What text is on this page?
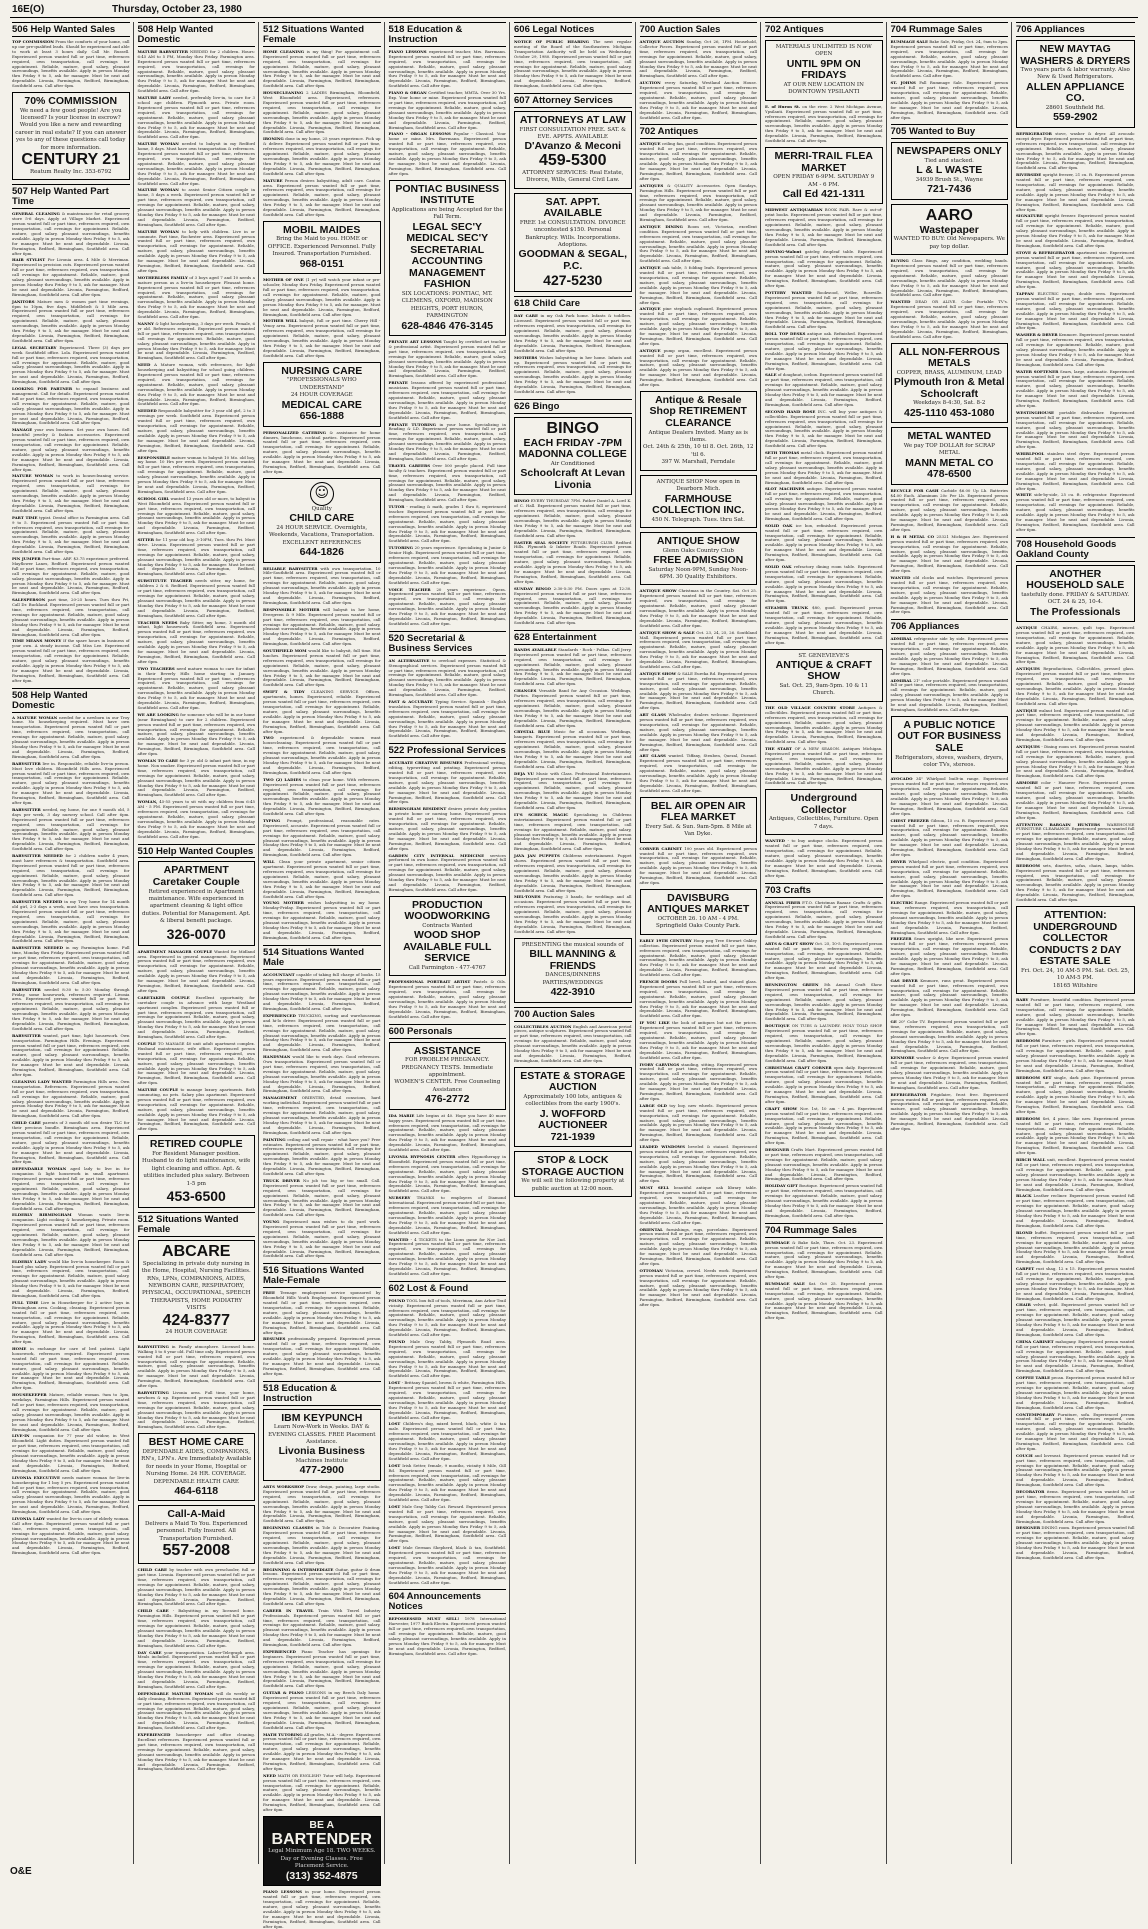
16E(O)	Thursday, October 23, 1980
506 Help Wanted Sales
TOP COMMISSION From the comforts of your home, call up our pre-qualified leads. Should be experienced and able to work at least 3 hours daily. Call Mr. Russell. Experienced person wanted full or part time, references required, own transportation, call evenings for appointment. Reliable, mature, good salary, pleasant surroundings, benefits available. Apply in person Monday thru Friday 9 to 5, ask for manager. Must be neat and dependable. Livonia, Farmington, Redford, Birmingham, Southfield area. Call after 6pm.
70% COMMISSION
We need a few good people! Are you licensed? Is your license in escrow? Would you like a new and rewarding career in real estate? If you can answer yes to any of these questions call today for more information.
CENTURY 21
Reatum Realty Inc. 353-6792
507 Help Wanted Part Time
GENERAL CLEANING & maintenance for retail grocery store 5-6 days. Apply at Village Market. Experienced person wanted full or part time, references required, own transportation, call evenings for appointment. Reliable, mature, good salary, pleasant surroundings, benefits available. Apply in person Monday thru Friday 9 to 5, ask for manager. Must be neat and dependable. Livonia, Farmington, Redford, Birmingham, Southfield area. Call after 6pm.
HAIR STYLIST For Livonia area. 4 Mile & Merriman. Experienced in precision cuts. Experienced person wanted full or part time, references required, own transportation, call evenings for appointment. Reliable, mature, good salary, pleasant surroundings, benefits available. Apply in person Monday thru Friday 9 to 5, ask for manager. Must be neat and dependable. Livonia, Farmington, Redford, Birmingham, Southfield area. Call after 6pm.
JANITORS Mature men & women part time evenings, 6pm to 10pm, five days. Middlebelt & 5 Mile area. Experienced person wanted full or part time, references required, own transportation, call evenings for appointment. Reliable, mature, good salary, pleasant surroundings, benefits available. Apply in person Monday thru Friday 9 to 5, ask for manager. Must be neat and dependable. Livonia, Farmington, Redford, Birmingham, Southfield area. Call after 6pm.
LEGAL SECRETARY Experienced. Three (3) days per week. Southfield office. Lola. Experienced person wanted full or part time, references required, own transportation, call evenings for appointment. Reliable, mature, good salary, pleasant surroundings, benefits available. Apply in person Monday thru Friday 9 to 5, ask for manager. Must be neat and dependable. Livonia, Farmington, Redford, Birmingham, Southfield area. Call after 6pm.
LOOKING FOR PARTNER to expand business and management. Call for details. Experienced person wanted full or part time, references required, own transportation, call evenings for appointment. Reliable, mature, good salary, pleasant surroundings, benefits available. Apply in person Monday thru Friday 9 to 5, ask for manager. Must be neat and dependable. Livonia, Farmington, Redford, Birmingham, Southfield area. Call after 6pm.
MANAGE your own business. Set your own hours. Sell beautiful jewelry & fashion accessories. Experienced person wanted full or part time, references required, own transportation, call evenings for appointment. Reliable, mature, good salary, pleasant surroundings, benefits available. Apply in person Monday thru Friday 9 to 5, ask for manager. Must be neat and dependable. Livonia, Farmington, Redford, Birmingham, Southfield area. Call after 6pm.
MATURE WOMAN to work in housecleaning service. Experienced person wanted full or part time, references required, own transportation, call evenings for appointment. Reliable, mature, good salary, pleasant surroundings, benefits available. Apply in person Monday thru Friday 9 to 5, ask for manager. Must be neat and dependable. Livonia, Farmington, Redford, Birmingham, Southfield area. Call after 6pm.
PART TIME typist. Dental office in Farmington area. Call 9 to 5. Experienced person wanted full or part time, references required, own transportation, call evenings for appointment. Reliable, mature, good salary, pleasant surroundings, benefits available. Apply in person Monday thru Friday 9 to 5, ask for manager. Must be neat and dependable. Livonia, Farmington, Redford, Birmingham, Southfield area. Call after 6pm.
PIN JUMPER Part-time. ABF. $3.75 experience preferred. Mayflower Lanes, Redford. Experienced person wanted full or part time, references required, own transportation, call evenings for appointment. Reliable, mature, good salary, pleasant surroundings, benefits available. Apply in person Monday thru Friday 9 to 5, ask for manager. Must be neat and dependable. Livonia, Farmington, Redford, Birmingham, Southfield area. Call after 6pm.
SALESPERSON part time, 20-25 hours. Tues thru Fri, Call Dr. Buckland. Experienced person wanted full or part time, references required, own transportation, call evenings for appointment. Reliable, mature, good salary, pleasant surroundings, benefits available. Apply in person Monday thru Friday 9 to 5, ask for manager. Must be neat and dependable. Livonia, Farmington, Redford, Birmingham, Southfield area. Call after 6pm.
TIME MEANS MONEY If the spare hours in business of your own. A steady income. Call Miss Lee. Experienced person wanted full or part time, references required, own transportation, call evenings for appointment. Reliable, mature, good salary, pleasant surroundings, benefits available. Apply in person Monday thru Friday 9 to 5, ask for manager. Must be neat and dependable. Livonia, Farmington, Redford, Birmingham, Southfield area. Call after 6pm.
508 Help Wanted Domestic
A MATURE WOMAN needed for a newborn in our Troy home. No housekeeping required. Must have own transportation. Experienced person wanted full or part time, references required, own transportation, call evenings for appointment. Reliable, mature, good salary, pleasant surroundings, benefits available. Apply in person Monday thru Friday 9 to 5, ask for manager. Must be neat and dependable. Livonia, Farmington, Redford, Birmingham, Southfield area. Call after 6pm.
BABYSITTER live in. Responsible, reliable live-in person. Must love children. Bloomfield Hills area. Experienced person wanted full or part time, references required, own transportation, call evenings for appointment. Reliable, mature, good salary, pleasant surroundings, benefits available. Apply in person Monday thru Friday 9 to 5, ask for manager. Must be neat and dependable. Livonia, Farmington, Redford, Birmingham, Southfield area. Call after 6pm.
BABYSITTER needed, my home, for one 9 month old, 5 days per week, 3 day nursery school. Call after 6pm. Experienced person wanted full or part time, references required, own transportation, call evenings for appointment. Reliable, mature, good salary, pleasant surroundings, benefits available. Apply in person Monday thru Friday 9 to 5, ask for manager. Must be neat and dependable. Livonia, Farmington, Redford, Birmingham, Southfield area. Call after 6pm.
BABYSITTER NEEDED for 2 children under 4 years, must have references & transportation. Southfield area. Experienced person wanted full or part time, references required, own transportation, call evenings for appointment. Reliable, mature, good salary, pleasant surroundings, benefits available. Apply in person Monday thru Friday 9 to 5, ask for manager. Must be neat and dependable. Livonia, Farmington, Redford, Birmingham, Southfield area. Call after 6pm.
BABYSITTER NEEDED in my Troy home for 14 month old girl, 2-3 days a week, must have own transportation. Experienced person wanted full or part time, references required, own transportation, call evenings for appointment. Reliable, mature, good salary, pleasant surroundings, benefits available. Apply in person Monday thru Friday 9 to 5, ask for manager. Must be neat and dependable. Livonia, Farmington, Redford, Birmingham, Southfield area. Call after 6pm.
BABYSITTER NEEDED in my Farmington home. Full time, Monday thru Friday. Experienced person wanted full or part time, references required, own transportation, call evenings for appointment. Reliable, mature, good salary, pleasant surroundings, benefits available. Apply in person Monday thru Friday 9 to 5, ask for manager. Must be neat and dependable. Livonia, Farmington, Redford, Birmingham, Southfield area. Call after 6pm.
BABYSITTER needed 8:30 to 5:30 Monday through Friday, some housework, references required. Livonia area. Experienced person wanted full or part time, references required, own transportation, call evenings for appointment. Reliable, mature, good salary, pleasant surroundings, benefits available. Apply in person Monday thru Friday 9 to 5, ask for manager. Must be neat and dependable. Livonia, Farmington, Redford, Birmingham, Southfield area. Call after 6pm.
BABYSITTER wanted, part time, light housework. Own transportation. Farmington Hills. Evenings. Experienced person wanted full or part time, references required, own transportation, call evenings for appointment. Reliable, mature, good salary, pleasant surroundings, benefits available. Apply in person Monday thru Friday 9 to 5, ask for manager. Must be neat and dependable. Livonia, Farmington, Redford, Birmingham, Southfield area. Call after 6pm.
CLEANING LADY WANTED Farmington Hills area. Own transportation. References. Experienced person wanted full or part time, references required, own transportation, call evenings for appointment. Reliable, mature, good salary, pleasant surroundings, benefits available. Apply in person Monday thru Friday 9 to 5, ask for manager. Must be neat and dependable. Livonia, Farmington, Redford, Birmingham, Southfield area. Call after 6pm.
CHILD CARE parents of 3 month old son desire TLC for their precious bundle. Birmingham area. Experienced person wanted full or part time, references required, own transportation, call evenings for appointment. Reliable, mature, good salary, pleasant surroundings, benefits available. Apply in person Monday thru Friday 9 to 5, ask for manager. Must be neat and dependable. Livonia, Farmington, Redford, Birmingham, Southfield area. Call after 6pm.
DEPENDABLE WOMAN aged lady to live in for companion & light housework in small apartment. Experienced person wanted full or part time, references required, own transportation, call evenings for appointment. Reliable, mature, good salary, pleasant surroundings, benefits available. Apply in person Monday thru Friday 9 to 5, ask for manager. Must be neat and dependable. Livonia, Farmington, Redford, Birmingham, Southfield area. Call after 6pm.
ELDERLY BIRMINGHAM Woman wants live-in companion. Light cooking & housekeeping. Private room. Experienced person wanted full or part time, references required, own transportation, call evenings for appointment. Reliable, mature, good salary, pleasant surroundings, benefits available. Apply in person Monday thru Friday 9 to 5, ask for manager. Must be neat and dependable. Livonia, Farmington, Redford, Birmingham, Southfield area. Call after 6pm.
ELDERLY LADY would like live-in housekeeper. Room & board plus salary. Experienced person wanted full or part time, references required, own transportation, call evenings for appointment. Reliable, mature, good salary, pleasant surroundings, benefits available. Apply in person Monday thru Friday 9 to 5, ask for manager. Must be neat and dependable. Livonia, Farmington, Redford, Birmingham, Southfield area. Call after 6pm.
FULL TIME Live in Housekeeper for 2 active boys in Birmingham area. Cooking, cleaning. Experienced person wanted full or part time, references required, own transportation, call evenings for appointment. Reliable, mature, good salary, pleasant surroundings, benefits available. Apply in person Monday thru Friday 9 to 5, ask for manager. Must be neat and dependable. Livonia, Farmington, Redford, Birmingham, Southfield area. Call after 6pm.
HOME in exchange for care of bed patient. Light housework, references required. Experienced person wanted full or part time, references required, own transportation, call evenings for appointment. Reliable, mature, good salary, pleasant surroundings, benefits available. Apply in person Monday thru Friday 9 to 5, ask for manager. Must be neat and dependable. Livonia, Farmington, Redford, Birmingham, Southfield area. Call after 6pm.
HOUSEKEEPER Mature, reliable woman. 9am to 3pm, weekdays, Farmington Hills. Experienced person wanted full or part time, references required, own transportation, call evenings for appointment. Reliable, mature, good salary, pleasant surroundings, benefits available. Apply in person Monday thru Friday 9 to 5, ask for manager. Must be neat and dependable. Livonia, Farmington, Redford, Birmingham, Southfield area. Call after 6pm.
LIVE-IN companion for 77 year old widow, in West Bloomfield. Light duties. Experienced person wanted full or part time, references required, own transportation, call evenings for appointment. Reliable, mature, good salary, pleasant surroundings, benefits available. Apply in person Monday thru Friday 9 to 5, ask for manager. Must be neat and dependable. Livonia, Farmington, Redford, Birmingham, Southfield area. Call after 6pm.
LIVONIA EXECUTIVE needs mature woman for live-in housekeeping for 1 boy 5 yrs. Experienced person wanted full or part time, references required, own transportation, call evenings for appointment. Reliable, mature, good salary, pleasant surroundings, benefits available. Apply in person Monday thru Friday 9 to 5, ask for manager. Must be neat and dependable. Livonia, Farmington, Redford, Birmingham, Southfield area. Call after 6pm.
LIVONIA LADY wanted for live-in care of elderly woman. Call after 6pm. Experienced person wanted full or part time, references required, own transportation, call evenings for appointment. Reliable, mature, good salary, pleasant surroundings, benefits available. Apply in person Monday thru Friday 9 to 5, ask for manager. Must be neat and dependable. Livonia, Farmington, Redford, Birmingham, Southfield area. Call after 6pm.
508 Help Wanted Domestic
MATURE BABYSITTER NEEDED for 2 children. Hours: 6:45 AM to 5 PM, Monday thru Friday. Farmington area. Experienced person wanted full or part time, references required, own transportation, call evenings for appointment. Reliable, mature, good salary, pleasant surroundings, benefits available. Apply in person Monday thru Friday 9 to 5, ask for manager. Must be neat and dependable. Livonia, Farmington, Redford, Birmingham, Southfield area. Call after 6pm.
MATURE LADY needed, preferably live-in, to care for 3 school age children. Plymouth area. Private room. Experienced person wanted full or part time, references required, own transportation, call evenings for appointment. Reliable, mature, good salary, pleasant surroundings, benefits available. Apply in person Monday thru Friday 9 to 5, ask for manager. Must be neat and dependable. Livonia, Farmington, Redford, Birmingham, Southfield area. Call after 6pm.
MATURE WOMAN needed to babysit in my Redford home, 5 days. Must have own transportation & references. Experienced person wanted full or part time, references required, own transportation, call evenings for appointment. Reliable, mature, good salary, pleasant surroundings, benefits available. Apply in person Monday thru Friday 9 to 5, ask for manager. Must be neat and dependable. Livonia, Farmington, Redford, Birmingham, Southfield area. Call after 6pm.
MATURE WOMAN to assist Senior Citizen couple in home, 5 days a week. Experienced person wanted full or part time, references required, own transportation, call evenings for appointment. Reliable, mature, good salary, pleasant surroundings, benefits available. Apply in person Monday thru Friday 9 to 5, ask for manager. Must be neat and dependable. Livonia, Farmington, Redford, Birmingham, Southfield area. Call after 6pm.
MATURE WOMAN to help with children. Live in or commute. Part time, Rochester area. Experienced person wanted full or part time, references required, own transportation, call evenings for appointment. Reliable, mature, good salary, pleasant surroundings, benefits available. Apply in person Monday thru Friday 9 to 5, ask for manager. Must be neat and dependable. Livonia, Farmington, Redford, Birmingham, Southfield area. Call after 6pm.
MOTHERLESS FAMILY of 3 boys aged 7 and 10 needs a mature person as a live-in housekeeper. Pleasant home. Experienced person wanted full or part time, references required, own transportation, call evenings for appointment. Reliable, mature, good salary, pleasant surroundings, benefits available. Apply in person Monday thru Friday 9 to 5, ask for manager. Must be neat and dependable. Livonia, Farmington, Redford, Birmingham, Southfield area. Call after 6pm.
NANNY & light housekeeping, 3 days per week. Female, 6 yr old. References required. Experienced person wanted full or part time, references required, own transportation, call evenings for appointment. Reliable, mature, good salary, pleasant surroundings, benefits available. Apply in person Monday thru Friday 9 to 5, ask for manager. Must be neat and dependable. Livonia, Farmington, Redford, Birmingham, Southfield area. Call after 6pm.
NEED A Mature woman, with references, for light housekeeping and babysitting for school going children. Experienced person wanted full or part time, references required, own transportation, call evenings for appointment. Reliable, mature, good salary, pleasant surroundings, benefits available. Apply in person Monday thru Friday 9 to 5, ask for manager. Must be neat and dependable. Livonia, Farmington, Redford, Birmingham, Southfield area. Call after 6pm.
NEEDED Responsible babysitter for 3 year old girl, 2 to 3 evenings per week. Southfield area. Experienced person wanted full or part time, references required, own transportation, call evenings for appointment. Reliable, mature, good salary, pleasant surroundings, benefits available. Apply in person Monday thru Friday 9 to 5, ask for manager. Must be neat and dependable. Livonia, Farmington, Redford, Birmingham, Southfield area. Call after 6pm.
RESPONSIBLE mature woman to babysit 10 Mo. old boy, my home. 10 Hrs per week. Experienced person wanted full or part time, references required, own transportation, call evenings for appointment. Reliable, mature, good salary, pleasant surroundings, benefits available. Apply in person Monday thru Friday 9 to 5, ask for manager. Must be neat and dependable. Livonia, Farmington, Redford, Birmingham, Southfield area. Call after 6pm.
SCHOOL GIRL wanted 13 years old or more, to babysit in West Bloomfield area. Experienced person wanted full or part time, references required, own transportation, call evenings for appointment. Reliable, mature, good salary, pleasant surroundings, benefits available. Apply in person Monday thru Friday 9 to 5, ask for manager. Must be neat and dependable. Livonia, Farmington, Redford, Birmingham, Southfield area. Call after 6pm.
SITTER for 11 year old boy, 3-10PM, Tues. thru Fri. Must drive. Livonia. Experienced person wanted full or part time, references required, own transportation, call evenings for appointment. Reliable, mature, good salary, pleasant surroundings, benefits available. Apply in person Monday thru Friday 9 to 5, ask for manager. Must be neat and dependable. Livonia, Farmington, Redford, Birmingham, Southfield area. Call after 6pm.
SUBSTITUTE TEACHER needs sitter, my home, for children 2 & 6. Redford. Experienced person wanted full or part time, references required, own transportation, call evenings for appointment. Reliable, mature, good salary, pleasant surroundings, benefits available. Apply in person Monday thru Friday 9 to 5, ask for manager. Must be neat and dependable. Livonia, Farmington, Redford, Birmingham, Southfield area. Call after 6pm.
TEACHER NEEDS Baby Sitter, my home, 3 month old infant, light housework. Southfield area. Experienced person wanted full or part time, references required, own transportation, call evenings for appointment. Reliable, mature, good salary, pleasant surroundings, benefits available. Apply in person Monday thru Friday 9 to 5, ask for manager. Must be neat and dependable. Livonia, Farmington, Redford, Birmingham, Southfield area. Call after 6pm.
TWO TEACHERS need mature woman to care for infant in their Beverly Hills home starting in January. Experienced person wanted full or part time, references required, own transportation, call evenings for appointment. Reliable, mature, good salary, pleasant surroundings, benefits available. Apply in person Monday thru Friday 9 to 5, ask for manager. Must be neat and dependable. Livonia, Farmington, Redford, Birmingham, Southfield area. Call after 6pm.
WE ARE LOOKING for someone who will be in our home (near Birmingham) to care for 2 children. Experienced person wanted full or part time, references required, own transportation, call evenings for appointment. Reliable, mature, good salary, pleasant surroundings, benefits available. Apply in person Monday thru Friday 9 to 5, ask for manager. Must be neat and dependable. Livonia, Farmington, Redford, Birmingham, Southfield area. Call after 6pm.
WOMAN TO CARE for 3 yr. old & infant part time, in my home. Non smoker. Experienced person wanted full or part time, references required, own transportation, call evenings for appointment. Reliable, mature, good salary, pleasant surroundings, benefits available. Apply in person Monday thru Friday 9 to 5, ask for manager. Must be neat and dependable. Livonia, Farmington, Redford, Birmingham, Southfield area. Call after 6pm.
WOMAN, 45-55 years to sit with my children from 6:45 AM - 5 PM. Experienced person wanted full or part time, references required, own transportation, call evenings for appointment. Reliable, mature, good salary, pleasant surroundings, benefits available. Apply in person Monday thru Friday 9 to 5, ask for manager. Must be neat and dependable. Livonia, Farmington, Redford, Birmingham, Southfield area. Call after 6pm.
510 Help Wanted Couples
APARTMENT
Caretaker Couple
Retired experienced in Apartment maintenance. Wife experienced in apartment cleaning & light office duties. Potential for Management. Apt. & liberal benefit package.
326-0070
APARTMENT MANAGER COUPLE Wanted for Midland area. Experienced in general management. Experienced person wanted full or part time, references required, own transportation, call evenings for appointment. Reliable, mature, good salary, pleasant surroundings, benefits available. Apply in person Monday thru Friday 9 to 5, ask for manager. Must be neat and dependable. Livonia, Farmington, Redford, Birmingham, Southfield area. Call after 6pm.
CARETAKER COUPLE Excellent opportunity for caretaker couple in advance with large Westland apartment complex. Experienced person wanted full or part time, references required, own transportation, call evenings for appointment. Reliable, mature, good salary, pleasant surroundings, benefits available. Apply in person Monday thru Friday 9 to 5, ask for manager. Must be neat and dependable. Livonia, Farmington, Redford, Birmingham, Southfield area. Call after 6pm.
COUPLE TO MANAGE 40 unit adult apartment complex. Husband maintenance, wife office. Experienced person wanted full or part time, references required, own transportation, call evenings for appointment. Reliable, mature, good salary, pleasant surroundings, benefits available. Apply in person Monday thru Friday 9 to 5, ask for manager. Must be neat and dependable. Livonia, Farmington, Redford, Birmingham, Southfield area. Call after 6pm.
MATURE COUPLE to manage luxury apartments. Both commuting, no pets. Salary plus apartment. Experienced person wanted full or part time, references required, own transportation, call evenings for appointment. Reliable, mature, good salary, pleasant surroundings, benefits available. Apply in person Monday thru Friday 9 to 5, ask for manager. Must be neat and dependable. Livonia, Farmington, Redford, Birmingham, Southfield area. Call after 6pm.
RETIRED COUPLE
For Resident Manager position. Husband to do light maintenance, wife light cleaning and office. Apt. & utilities included plus salary. Between 1-5 pm
453-6500
512 Situations Wanted Female
ABCARE
Specializing in private duty nursing in the Home, Hospital, Nursing Facilities. RNs, LPNs, COMPANIONS, AIDES, NEWBORN CARE, RESPIRATORY, PHYSICAL, OCCUPATIONAL, SPEECH THERAPISTS, HOME PODIATRY VISITS
424-8377
24 HOUR COVERAGE
BABYSITTING in Family atmosphere. Licensed home. Walking 5 to 8 year old. Full time only. Experienced person wanted full or part time, references required, own transportation, call evenings for appointment. Reliable, mature, good salary, pleasant surroundings, benefits available. Apply in person Monday thru Friday 9 to 5, ask for manager. Must be neat and dependable. Livonia, Farmington, Redford, Birmingham, Southfield area. Call after 6pm.
BABYSITTING Livonia area. Full time, your home, newborn & up. Experienced person wanted full or part time, references required, own transportation, call evenings for appointment. Reliable, mature, good salary, pleasant surroundings, benefits available. Apply in person Monday thru Friday 9 to 5, ask for manager. Must be neat and dependable. Livonia, Farmington, Redford, Birmingham, Southfield area. Call after 6pm.
BEST HOME CARE
DEPENDABLE AIDES, COMPANIONS, RN's, LPN's. Are Immediately Available for needs in your Home, Hospital or Nursing Home. 24 HR. COVERAGE. DEPENDABLE HEALTH CARE
464-6118
Call-A-Maid
Delivers a Maid To You. Experienced personnel. Fully Insured. All Transportation Furnished.
557-2008
CHILD CARE by teacher with own preschooler, full or part time. Livonia. Experienced person wanted full or part time, references required, own transportation, call evenings for appointment. Reliable, mature, good salary, pleasant surroundings, benefits available. Apply in person Monday thru Friday 9 to 5, ask for manager. Must be neat and dependable. Livonia, Farmington, Redford, Birmingham, Southfield area. Call after 6pm.
CHILD CARE - Babysitting in my licensed home. Farmington Hills. Experienced person wanted full or part time, references required, own transportation, call evenings for appointment. Reliable, mature, good salary, pleasant surroundings, benefits available. Apply in person Monday thru Friday 9 to 5, ask for manager. Must be neat and dependable. Livonia, Farmington, Redford, Birmingham, Southfield area. Call after 6pm.
DAY CARE your transportation. Lahser-Telegraph area. Meals included. Experienced person wanted full or part time, references required, own transportation, call evenings for appointment. Reliable, mature, good salary, pleasant surroundings, benefits available. Apply in person Monday thru Friday 9 to 5, ask for manager. Must be neat and dependable. Livonia, Farmington, Redford, Birmingham, Southfield area. Call after 6pm.
DEPENDABLE MATURE WOMAN will do weekly or daily cleaning. References. Experienced person wanted full or part time, references required, own transportation, call evenings for appointment. Reliable, mature, good salary, pleasant surroundings, benefits available. Apply in person Monday thru Friday 9 to 5, ask for manager. Must be neat and dependable. Livonia, Farmington, Redford, Birmingham, Southfield area. Call after 6pm.
EXPERIENCED housekeeper and office cleaning. Excellent references. Experienced person wanted full or part time, references required, own transportation, call evenings for appointment. Reliable, mature, good salary, pleasant surroundings, benefits available. Apply in person Monday thru Friday 9 to 5, ask for manager. Must be neat and dependable. Livonia, Farmington, Redford, Birmingham, Southfield area. Call after 6pm.
512 Situations Wanted Female
HOME CLEANING is my thing! For appointment call. Experienced person wanted full or part time, references required, own transportation, call evenings for appointment. Reliable, mature, good salary, pleasant surroundings, benefits available. Apply in person Monday thru Friday 9 to 5, ask for manager. Must be neat and dependable. Livonia, Farmington, Redford, Birmingham, Southfield area. Call after 6pm.
HOUSECLEANING 2 LADIES Birmingham, Bloomfield, West Bloomfield area. Experienced, references. Experienced person wanted full or part time, references required, own transportation, call evenings for appointment. Reliable, mature, good salary, pleasant surroundings, benefits available. Apply in person Monday thru Friday 9 to 5, ask for manager. Must be neat and dependable. Livonia, Farmington, Redford, Birmingham, Southfield area. Call after 6pm.
IRONING done in my home, 25 years experience. Pick up & deliver. Experienced person wanted full or part time, references required, own transportation, call evenings for appointment. Reliable, mature, good salary, pleasant surroundings, benefits available. Apply in person Monday thru Friday 9 to 5, ask for manager. Must be neat and dependable. Livonia, Farmington, Redford, Birmingham, Southfield area. Call after 6pm.
MATURE Person desires babysitting, adult care. Canton area. Experienced person wanted full or part time, references required, own transportation, call evenings for appointment. Reliable, mature, good salary, pleasant surroundings, benefits available. Apply in person Monday thru Friday 9 to 5, ask for manager. Must be neat and dependable. Livonia, Farmington, Redford, Birmingham, Southfield area. Call after 6pm.
MOBIL MAIDES
Bring the Maid to you. HOME or OFFICE. Experienced Personnel. Fully Insured. Transportation Furnished.
968-0151
MOTHER OF ONE (1 yr) will watch your infant or pre-schooler, Monday thru Friday. Experienced person wanted full or part time, references required, own transportation, call evenings for appointment. Reliable, mature, good salary, pleasant surroundings, benefits available. Apply in person Monday thru Friday 9 to 5, ask for manager. Must be neat and dependable. Livonia, Farmington, Redford, Birmingham, Southfield area. Call after 6pm.
MOTHER WILL babysit, full or part time. Cherry Hill - Venoy area. Experienced person wanted full or part time, references required, own transportation, call evenings for appointment. Reliable, mature, good salary, pleasant surroundings, benefits available. Apply in person Monday thru Friday 9 to 5, ask for manager. Must be neat and dependable. Livonia, Farmington, Redford, Birmingham, Southfield area. Call after 6pm.
NURSING CARE
"PROFESSIONALS WHO UNDERSTAND"
24 HOUR COVERAGE
MEDICAL CARE
656-1888
PERSONALIZED CATERING & assistance for home dinners, luncheons, cocktail parties. Experienced person wanted full or part time, references required, own transportation, call evenings for appointment. Reliable, mature, good salary, pleasant surroundings, benefits available. Apply in person Monday thru Friday 9 to 5, ask for manager. Must be neat and dependable. Livonia, Farmington, Redford, Birmingham, Southfield area. Call after 6pm.
☺
Quality
CHILD CARE
24 HOUR SERVICE. Overnights, Weekends, Vacations, Transportation. EXCELLENT REFERENCES
644-1826
RELIABLE BABYSITTER with own transportation. 10 Mile-Southfield area. Experienced person wanted full or part time, references required, own transportation, call evenings for appointment. Reliable, mature, good salary, pleasant surroundings, benefits available. Apply in person Monday thru Friday 9 to 5, ask for manager. Must be neat and dependable. Livonia, Farmington, Redford, Birmingham, Southfield area. Call after 6pm.
RESPONSIBLE MOTHER will babysit in her home, Evergreen & 9 Mile. Experienced person wanted full or part time, references required, own transportation, call evenings for appointment. Reliable, mature, good salary, pleasant surroundings, benefits available. Apply in person Monday thru Friday 9 to 5, ask for manager. Must be neat and dependable. Livonia, Farmington, Redford, Birmingham, Southfield area. Call after 6pm.
SOUTHFIELD MOM would like to babysit, full time. Hot lunches. Experienced person wanted full or part time, references required, own transportation, call evenings for appointment. Reliable, mature, good salary, pleasant surroundings, benefits available. Apply in person Monday thru Friday 9 to 5, ask for manager. Must be neat and dependable. Livonia, Farmington, Redford, Birmingham, Southfield area. Call after 6pm.
SWIFT & TIDY CLEANING SERVICE. Offices, apartments, homes. Experienced, reliable. Experienced person wanted full or part time, references required, own transportation, call evenings for appointment. Reliable, mature, good salary, pleasant surroundings, benefits available. Apply in person Monday thru Friday 9 to 5, ask for manager. Must be neat and dependable. Livonia, Farmington, Redford, Birmingham, Southfield area. Call after 6pm.
TWO experienced & dependable women want housecleaning. Experienced person wanted full or part time, references required, own transportation, call evenings for appointment. Reliable, mature, good salary, pleasant surroundings, benefits available. Apply in person Monday thru Friday 9 to 5, ask for manager. Must be neat and dependable. Livonia, Farmington, Redford, Birmingham, Southfield area. Call after 6pm.
TWO (2) LADIES to clean your home. With references. Experienced person wanted full or part time, references required, own transportation, call evenings for appointment. Reliable, mature, good salary, pleasant surroundings, benefits available. Apply in person Monday thru Friday 9 to 5, ask for manager. Must be neat and dependable. Livonia, Farmington, Redford, Birmingham, Southfield area. Call after 6pm.
TYPING Prompt, professional, reasonable rates. Experienced, accurate. Experienced person wanted full or part time, references required, own transportation, call evenings for appointment. Reliable, mature, good salary, pleasant surroundings, benefits available. Apply in person Monday thru Friday 9 to 5, ask for manager. Must be neat and dependable. Livonia, Farmington, Redford, Birmingham, Southfield area. Call after 6pm.
WILL Clean your private apartment, senior citizen apartment. Experienced person wanted full or part time, references required, own transportation, call evenings for appointment. Reliable, mature, good salary, pleasant surroundings, benefits available. Apply in person Monday thru Friday 9 to 5, ask for manager. Must be neat and dependable. Livonia, Farmington, Redford, Birmingham, Southfield area. Call after 6pm.
YOUNG MOTHER wishes babysitting in my home. Monday-Friday. Experienced person wanted full or part time, references required, own transportation, call evenings for appointment. Reliable, mature, good salary, pleasant surroundings, benefits available. Apply in person Monday thru Friday 9 to 5, ask for manager. Must be neat and dependable. Livonia, Farmington, Redford, Birmingham, Southfield area. Call after 6pm.
514 Situations Wanted Male
ACCOUNTANT capable of taking full charge of books. 15 years experience. Experienced person wanted full or part time, references required, own transportation, call evenings for appointment. Reliable, mature, good salary, pleasant surroundings, benefits available. Apply in person Monday thru Friday 9 to 5, ask for manager. Must be neat and dependable. Livonia, Farmington, Redford, Birmingham, Southfield area. Call after 6pm.
EXPERIENCED TRUCKING, sorting and warehouseman and hi-lo driver. Experienced person wanted full or part time, references required, own transportation, call evenings for appointment. Reliable, mature, good salary, pleasant surroundings, benefits available. Apply in person Monday thru Friday 9 to 5, ask for manager. Must be neat and dependable. Livonia, Farmington, Redford, Birmingham, Southfield area. Call after 6pm.
HANDYMAN would like to work days. Good references. Own transportation. Experienced person wanted full or part time, references required, own transportation, call evenings for appointment. Reliable, mature, good salary, pleasant surroundings, benefits available. Apply in person Monday thru Friday 9 to 5, ask for manager. Must be neat and dependable. Livonia, Farmington, Redford, Birmingham, Southfield area. Call after 6pm.
MANAGEMENT ORIENTED, detail conscious, hard working individual. Experienced person wanted full or part time, references required, own transportation, call evenings for appointment. Reliable, mature, good salary, pleasant surroundings, benefits available. Apply in person Monday thru Friday 9 to 5, ask for manager. Must be neat and dependable. Livonia, Farmington, Redford, Birmingham, Southfield area. Call after 6pm.
PAINTING ceiling and wall repair - what have you? Free estimates. Experienced person wanted full or part time, references required, own transportation, call evenings for appointment. Reliable, mature, good salary, pleasant surroundings, benefits available. Apply in person Monday thru Friday 9 to 5, ask for manager. Must be neat and dependable. Livonia, Farmington, Redford, Birmingham, Southfield area. Call after 6pm.
TRUCK DRIVER No job too big or too small. Call. Experienced person wanted full or part time, references required, own transportation, call evenings for appointment. Reliable, mature, good salary, pleasant surroundings, benefits available. Apply in person Monday thru Friday 9 to 5, ask for manager. Must be neat and dependable. Livonia, Farmington, Redford, Birmingham, Southfield area. Call after 6pm.
YOUNG Experienced man wishes to do yard work. Experienced person wanted full or part time, references required, own transportation, call evenings for appointment. Reliable, mature, good salary, pleasant surroundings, benefits available. Apply in person Monday thru Friday 9 to 5, ask for manager. Must be neat and dependable. Livonia, Farmington, Redford, Birmingham, Southfield area. Call after 6pm.
516 Situations Wanted Male-Female
FREE Teenage employment service sponsored by Bloomfield Hills Youth Employment. Experienced person wanted full or part time, references required, own transportation, call evenings for appointment. Reliable, mature, good salary, pleasant surroundings, benefits available. Apply in person Monday thru Friday 9 to 5, ask for manager. Must be neat and dependable. Livonia, Farmington, Redford, Birmingham, Southfield area. Call after 6pm.
RESUMES professionally prepared. Experienced person wanted full or part time, references required, own transportation, call evenings for appointment. Reliable, mature, good salary, pleasant surroundings, benefits available. Apply in person Monday thru Friday 9 to 5, ask for manager. Must be neat and dependable. Livonia, Farmington, Redford, Birmingham, Southfield area. Call after 6pm.
518 Education & Instruction
IBM KEYPUNCH
Learn Now-Work in Weeks. DAY & EVENING CLASSES. FREE Placement Assistance.
Livonia Business
Machines Institute
477-2900
ARTS WORKSHOP Draw, design, painting, large studio. Experienced person wanted full or part time, references required, own transportation, call evenings for appointment. Reliable, mature, good salary, pleasant surroundings, benefits available. Apply in person Monday thru Friday 9 to 5, ask for manager. Must be neat and dependable. Livonia, Farmington, Redford, Birmingham, Southfield area. Call after 6pm.
BEGINNING CLASSES in Tole & Decorative Painting. Experienced person wanted full or part time, references required, own transportation, call evenings for appointment. Reliable, mature, good salary, pleasant surroundings, benefits available. Apply in person Monday thru Friday 9 to 5, ask for manager. Must be neat and dependable. Livonia, Farmington, Redford, Birmingham, Southfield area. Call after 6pm.
BEGINNING & INTERMEDIATE Guitar, guitar & drum lessons. Experienced person wanted full or part time, references required, own transportation, call evenings for appointment. Reliable, mature, good salary, pleasant surroundings, benefits available. Apply in person Monday thru Friday 9 to 5, ask for manager. Must be neat and dependable. Livonia, Farmington, Redford, Birmingham, Southfield area. Call after 6pm.
CAREER IN TRAVEL Train With Travel Industry Professionals. Experienced person wanted full or part time, references required, own transportation, call evenings for appointment. Reliable, mature, good salary, pleasant surroundings, benefits available. Apply in person Monday thru Friday 9 to 5, ask for manager. Must be neat and dependable. Livonia, Farmington, Redford, Birmingham, Southfield area. Call after 6pm.
EXPERIENCED Piano Teacher has openings for beginners. Experienced person wanted full or part time, references required, own transportation, call evenings for appointment. Reliable, mature, good salary, pleasant surroundings, benefits available. Apply in person Monday thru Friday 9 to 5, ask for manager. Must be neat and dependable. Livonia, Farmington, Redford, Birmingham, Southfield area. Call after 6pm.
GUITAR & PIANO LESSONS in my Beech Daly home. Experienced person wanted full or part time, references required, own transportation, call evenings for appointment. Reliable, mature, good salary, pleasant surroundings, benefits available. Apply in person Monday thru Friday 9 to 5, ask for manager. Must be neat and dependable. Livonia, Farmington, Redford, Birmingham, Southfield area. Call after 6pm.
MATH TUTORING All grades, M.A. - degree. Experienced person wanted full or part time, references required, own transportation, call evenings for appointment. Reliable, mature, good salary, pleasant surroundings, benefits available. Apply in person Monday thru Friday 9 to 5, ask for manager. Must be neat and dependable. Livonia, Farmington, Redford, Birmingham, Southfield area. Call after 6pm.
NEED MATH OR ENGLISH? Tutor will help. Experienced person wanted full or part time, references required, own transportation, call evenings for appointment. Reliable, mature, good salary, pleasant surroundings, benefits available. Apply in person Monday thru Friday 9 to 5, ask for manager. Must be neat and dependable. Livonia, Farmington, Redford, Birmingham, Southfield area. Call after 6pm.
BE A
BARTENDER
Legal Minimum Age 18. TWO WEEKS. Day or Evening Classes. Free Placement Service.
(313) 352-4875
PIANO LESSONS in your home. Experienced person wanted full or part time, references required, own transportation, call evenings for appointment. Reliable, mature, good salary, pleasant surroundings, benefits available. Apply in person Monday thru Friday 9 to 5, ask for manager. Must be neat and dependable. Livonia, Farmington, Redford, Birmingham, Southfield area. Call after 6pm.
518 Education & Instruction
PIANO LESSONS experienced teacher, Mrs. Barrmann. Experienced person wanted full or part time, references required, own transportation, call evenings for appointment. Reliable, mature, good salary, pleasant surroundings, benefits available. Apply in person Monday thru Friday 9 to 5, ask for manager. Must be neat and dependable. Livonia, Farmington, Redford, Birmingham, Southfield area. Call after 6pm.
PIANO & ORGAN Certified teacher, MMTA. Over 30 Yrs. Exp. Your home or mine. Experienced person wanted full or part time, references required, own transportation, call evenings for appointment. Reliable, mature, good salary, pleasant surroundings, benefits available. Apply in person Monday thru Friday 9 to 5, ask for manager. Must be neat and dependable. Livonia, Farmington, Redford, Birmingham, Southfield area. Call after 6pm.
PIANO - ORGAN LESSONS Popular - Classical. Your home or mine. Mrs. Barrmann. Experienced person wanted full or part time, references required, own transportation, call evenings for appointment. Reliable, mature, good salary, pleasant surroundings, benefits available. Apply in person Monday thru Friday 9 to 5, ask for manager. Must be neat and dependable. Livonia, Farmington, Redford, Birmingham, Southfield area. Call after 6pm.
PONTIAC BUSINESS INSTITUTE
Applications are being Accepted for the Fall Term.
LEGAL SEC'Y MEDICAL SEC'Y SECRETARIAL ACCOUNTING MANAGEMENT FASHION
SIX LOCATIONS: PONTIAC, MT. CLEMENS, OXFORD, MADISON HEIGHTS, PORT HURON, FARMINGTON
628-4846 476-3145
PRIVATE ART LESSONS Taught by certified art teacher & professional artist. Experienced person wanted full or part time, references required, own transportation, call evenings for appointment. Reliable, mature, good salary, pleasant surroundings, benefits available. Apply in person Monday thru Friday 9 to 5, ask for manager. Must be neat and dependable. Livonia, Farmington, Redford, Birmingham, Southfield area. Call after 6pm.
PRIVATE lessons offered by experienced professional musicians. Experienced person wanted full or part time, references required, own transportation, call evenings for appointment. Reliable, mature, good salary, pleasant surroundings, benefits available. Apply in person Monday thru Friday 9 to 5, ask for manager. Must be neat and dependable. Livonia, Farmington, Redford, Birmingham, Southfield area. Call after 6pm.
PRIVATE TUTORING in your home. Specializing in Reading & LD. Experienced person wanted full or part time, references required, own transportation, call evenings for appointment. Reliable, mature, good salary, pleasant surroundings, benefits available. Apply in person Monday thru Friday 9 to 5, ask for manager. Must be neat and dependable. Livonia, Farmington, Redford, Birmingham, Southfield area. Call after 6pm.
TRAVEL CAREERS Over 500 people placed. Full time faculty & teachers. Experienced person wanted full or part time, references required, own transportation, call evenings for appointment. Reliable, mature, good salary, pleasant surroundings, benefits available. Apply in person Monday thru Friday 9 to 5, ask for manager. Must be neat and dependable. Livonia, Farmington, Redford, Birmingham, Southfield area. Call after 6pm.
TUTOR - reading & math, grades 1 thru 8, experienced teacher. Experienced person wanted full or part time, references required, own transportation, call evenings for appointment. Reliable, mature, good salary, pleasant surroundings, benefits available. Apply in person Monday thru Friday 9 to 5, ask for manager. Must be neat and dependable. Livonia, Farmington, Redford, Birmingham, Southfield area. Call after 6pm.
TUTORING 20 years experience. Specializing in Junior & Senior High. Experienced person wanted full or part time, references required, own transportation, call evenings for appointment. Reliable, mature, good salary, pleasant surroundings, benefits available. Apply in person Monday thru Friday 9 to 5, ask for manager. Must be neat and dependable. Livonia, Farmington, Redford, Birmingham, Southfield area. Call after 6pm.
VOICE TEACHER 20 years experience. Opera. Experienced person wanted full or part time, references required, own transportation, call evenings for appointment. Reliable, mature, good salary, pleasant surroundings, benefits available. Apply in person Monday thru Friday 9 to 5, ask for manager. Must be neat and dependable. Livonia, Farmington, Redford, Birmingham, Southfield area. Call after 6pm.
520 Secretarial & Business Services
AN ALTERNATIVE to overload expenses. Statistical & Stenographical services. Experienced person wanted full or part time, references required, own transportation, call evenings for appointment. Reliable, mature, good salary, pleasant surroundings, benefits available. Apply in person Monday thru Friday 9 to 5, ask for manager. Must be neat and dependable. Livonia, Farmington, Redford, Birmingham, Southfield area. Call after 6pm.
FAST & ACCURATE Typing Service. Spanish - English translation. Experienced person wanted full or part time, references required, own transportation, call evenings for appointment. Reliable, mature, good salary, pleasant surroundings, benefits available. Apply in person Monday thru Friday 9 to 5, ask for manager. Must be neat and dependable. Livonia, Farmington, Redford, Birmingham, Southfield area. Call after 6pm.
522 Professional Services
ACCURATE CREATIVE RESUMES Professional writing, editing, typewriting and printing. Experienced person wanted full or part time, references required, own transportation, call evenings for appointment. Reliable, mature, good salary, pleasant surroundings, benefits available. Apply in person Monday thru Friday 9 to 5, ask for manager. Must be neat and dependable. Livonia, Farmington, Redford, Birmingham, Southfield area. Call after 6pm.
BIRMINGHAM RESIDENT desires private duty position in private home or nursing home. Experienced person wanted full or part time, references required, own transportation, call evenings for appointment. Reliable, mature, good salary, pleasant surroundings, benefits available. Apply in person Monday thru Friday 9 to 5, ask for manager. Must be neat and dependable. Livonia, Farmington, Redford, Birmingham, Southfield area. Call after 6pm.
GARDEN CITY INTERNAL MEDICINE services performed in own home. Experienced person wanted full or part time, references required, own transportation, call evenings for appointment. Reliable, mature, good salary, pleasant surroundings, benefits available. Apply in person Monday thru Friday 9 to 5, ask for manager. Must be neat and dependable. Livonia, Farmington, Redford, Birmingham, Southfield area. Call after 6pm.
PRODUCTION WOODWORKING
Contracts Wanted
WOOD SHOP AVAILABLE FULL SERVICE
Call Farmington - 477-4767
PROFESSIONAL PORTRAIT ARTIST Pastels & Oils. Experienced person wanted full or part time, references required, own transportation, call evenings for appointment. Reliable, mature, good salary, pleasant surroundings, benefits available. Apply in person Monday thru Friday 9 to 5, ask for manager. Must be neat and dependable. Livonia, Farmington, Redford, Birmingham, Southfield area. Call after 6pm.
600 Personals
ASSISTANCE
FOR PROBLEM PREGNANCY. PREGNANCY TESTS. Immediate appointment.
WOMEN'S CENTER. Free Counseling Assistance
476-2772
IDA MARIE Life begins at 40. Hope you have 40 more happy years. Experienced person wanted full or part time, references required, own transportation, call evenings for appointment. Reliable, mature, good salary, pleasant surroundings, benefits available. Apply in person Monday thru Friday 9 to 5, ask for manager. Must be neat and dependable. Livonia, Farmington, Redford, Birmingham, Southfield area. Call after 6pm.
LIVONIA HYPNOSIS CENTER offers Hypnotherapy in Bloomfield. Experienced person wanted full or part time, references required, own transportation, call evenings for appointment. Reliable, mature, good salary, pleasant surroundings, benefits available. Apply in person Monday thru Friday 9 to 5, ask for manager. Must be neat and dependable. Livonia, Farmington, Redford, Birmingham, Southfield area. Call after 6pm.
NURSERY THANKS to employees of Diamond International. Experienced person wanted full or part time, references required, own transportation, call evenings for appointment. Reliable, mature, good salary, pleasant surroundings, benefits available. Apply in person Monday thru Friday 9 to 5, ask for manager. Must be neat and dependable. Livonia, Farmington, Redford, Birmingham, Southfield area. Call after 6pm.
WANTED - 4 TICKETS to the Lions game for Nov 2nd. Experienced person wanted full or part time, references required, own transportation, call evenings for appointment. Reliable, mature, good salary, pleasant surroundings, benefits available. Apply in person Monday thru Friday 9 to 5, ask for manager. Must be neat and dependable. Livonia, Farmington, Redford, Birmingham, Southfield area. Call after 6pm.
602 Lost & Found
FOUND TOOL box full of tools, Merriman, Ann Arbor Trail vicinity. Experienced person wanted full or part time, references required, own transportation, call evenings for appointment. Reliable, mature, good salary, pleasant surroundings, benefits available. Apply in person Monday thru Friday 9 to 5, ask for manager. Must be neat and dependable. Livonia, Farmington, Redford, Birmingham, Southfield area. Call after 6pm.
FOUND Male Gray Tabby, Plymouth Road area. Experienced person wanted full or part time, references required, own transportation, call evenings for appointment. Reliable, mature, good salary, pleasant surroundings, benefits available. Apply in person Monday thru Friday 9 to 5, ask for manager. Must be neat and dependable. Livonia, Farmington, Redford, Birmingham, Southfield area. Call after 6pm.
LOST - Brittany Spaniel, brown & white, Farmington Hills. Experienced person wanted full or part time, references required, own transportation, call evenings for appointment. Reliable, mature, good salary, pleasant surroundings, benefits available. Apply in person Monday thru Friday 9 to 5, ask for manager. Must be neat and dependable. Livonia, Farmington, Redford, Birmingham, Southfield area. Call after 6pm.
LOST Children's dog, mixed breed, black, white & tan male. Experienced person wanted full or part time, references required, own transportation, call evenings for appointment. Reliable, mature, good salary, pleasant surroundings, benefits available. Apply in person Monday thru Friday 9 to 5, ask for manager. Must be neat and dependable. Livonia, Farmington, Redford, Birmingham, Southfield area. Call after 6pm.
LOST Irish Setter, female, 9 months, vicinity 8 Mile, Gill Rd. Experienced person wanted full or part time, references required, own transportation, call evenings for appointment. Reliable, mature, good salary, pleasant surroundings, benefits available. Apply in person Monday thru Friday 9 to 5, ask for manager. Must be neat and dependable. Livonia, Farmington, Redford, Birmingham, Southfield area. Call after 6pm.
LOST Male Gray Tabby Cat. Reward. Experienced person wanted full or part time, references required, own transportation, call evenings for appointment. Reliable, mature, good salary, pleasant surroundings, benefits available. Apply in person Monday thru Friday 9 to 5, ask for manager. Must be neat and dependable. Livonia, Farmington, Redford, Birmingham, Southfield area. Call after 6pm.
LOST Male German Shepherd, black & tan, Southfield. Experienced person wanted full or part time, references required, own transportation, call evenings for appointment. Reliable, mature, good salary, pleasant surroundings, benefits available. Apply in person Monday thru Friday 9 to 5, ask for manager. Must be neat and dependable. Livonia, Farmington, Redford, Birmingham, Southfield area. Call after 6pm.
604 Announcements Notices
REPOSSESSED MUST SELL! 1978 International Harvester, 1977 Buick Electra. Experienced person wanted full or part time, references required, own transportation, call evenings for appointment. Reliable, mature, good salary, pleasant surroundings, benefits available. Apply in person Monday thru Friday 9 to 5, ask for manager. Must be neat and dependable. Livonia, Farmington, Redford, Birmingham, Southfield area. Call after 6pm.
606 Legal Notices
NOTICE OF PUBLIC HEARING The next regular meeting of the Board of the Southeastern Michigan Transportation Authority will be held on Wednesday, October 29, 1980. Experienced person wanted full or part time, references required, own transportation, call evenings for appointment. Reliable, mature, good salary, pleasant surroundings, benefits available. Apply in person Monday thru Friday 9 to 5, ask for manager. Must be neat and dependable. Livonia, Farmington, Redford, Birmingham, Southfield area. Call after 6pm.
607 Attorney Services
ATTORNEYS AT LAW
FIRST CONSULTATION FREE. SAT. & EVE. APPTS. AVAILABLE
D'Avanzo & Meconi
459-5300
ATTORNEY SERVICES: Real Estate, Divorce, Wills, General Civil Law.
SAT. APPT. AVAILABLE
FREE 1st CONSULTATION. DIVORCE uncontested $150. Personal Bankruptcy. Wills. Incorporations. Adoptions.
GOODMAN & SEGAL, P.C.
427-5230
618 Child Care
DAY CARE in my Oak Park home. Infants & toddlers. Licensed. Experienced person wanted full or part time, references required, own transportation, call evenings for appointment. Reliable, mature, good salary, pleasant surroundings, benefits available. Apply in person Monday thru Friday 9 to 5, ask for manager. Must be neat and dependable. Livonia, Farmington, Redford, Birmingham, Southfield area. Call after 6pm.
MOTHERS Wishes babysitting in her home. Infants and up. Experienced person wanted full or part time, references required, own transportation, call evenings for appointment. Reliable, mature, good salary, pleasant surroundings, benefits available. Apply in person Monday thru Friday 9 to 5, ask for manager. Must be neat and dependable. Livonia, Farmington, Redford, Birmingham, Southfield area. Call after 6pm.
626 Bingo
BINGO
EACH FRIDAY -7PM MADONNA COLLEGE
Air Conditioned
Schoolcraft At Levan Livonia
BINGO EVERY THURSDAY 7PM. Father Daniel A. Lord K. of C. Hall. Experienced person wanted full or part time, references required, own transportation, call evenings for appointment. Reliable, mature, good salary, pleasant surroundings, benefits available. Apply in person Monday thru Friday 9 to 5, ask for manager. Must be neat and dependable. Livonia, Farmington, Redford, Birmingham, Southfield area. Call after 6pm.
EASTER SEAL SOCIETY PITTSBURGH CLUB. Redford Hills. Plymouth & Inkster Roads. Experienced person wanted full or part time, references required, own transportation, call evenings for appointment. Reliable, mature, good salary, pleasant surroundings, benefits available. Apply in person Monday thru Friday 9 to 5, ask for manager. Must be neat and dependable. Livonia, Farmington, Redford, Birmingham, Southfield area. Call after 6pm.
SUNDAY BINGO 2:30-5:30 PM. Doors open at 12:30. Experienced person wanted full or part time, references required, own transportation, call evenings for appointment. Reliable, mature, good salary, pleasant surroundings, benefits available. Apply in person Monday thru Friday 9 to 5, ask for manager. Must be neat and dependable. Livonia, Farmington, Redford, Birmingham, Southfield area. Call after 6pm.
628 Entertainment
BANDS AVAILABLE Standards - Rock - Polkas. Call Jerry. Experienced person wanted full or part time, references required, own transportation, call evenings for appointment. Reliable, mature, good salary, pleasant surroundings, benefits available. Apply in person Monday thru Friday 9 to 5, ask for manager. Must be neat and dependable. Livonia, Farmington, Redford, Birmingham, Southfield area. Call after 6pm.
CHANGES Versatile Band for Any Occasion. Weddings, Parties. Experienced person wanted full or part time, references required, own transportation, call evenings for appointment. Reliable, mature, good salary, pleasant surroundings, benefits available. Apply in person Monday thru Friday 9 to 5, ask for manager. Must be neat and dependable. Livonia, Farmington, Redford, Birmingham, Southfield area. Call after 6pm.
CRYSTAL BLUE Music for all occasions. Weddings, banquets. Experienced person wanted full or part time, references required, own transportation, call evenings for appointment. Reliable, mature, good salary, pleasant surroundings, benefits available. Apply in person Monday thru Friday 9 to 5, ask for manager. Must be neat and dependable. Livonia, Farmington, Redford, Birmingham, Southfield area. Call after 6pm.
DEJA VU Music with Class. Professional Entertainment. Experienced person wanted full or part time, references required, own transportation, call evenings for appointment. Reliable, mature, good salary, pleasant surroundings, benefits available. Apply in person Monday thru Friday 9 to 5, ask for manager. Must be neat and dependable. Livonia, Farmington, Redford, Birmingham, Southfield area. Call after 6pm.
IT'S SCHECK MAGIC Specializing in Childrens entertainment. Experienced person wanted full or part time, references required, own transportation, call evenings for appointment. Reliable, mature, good salary, pleasant surroundings, benefits available. Apply in person Monday thru Friday 9 to 5, ask for manager. Must be neat and dependable. Livonia, Farmington, Redford, Birmingham, Southfield area. Call after 6pm.
JAVA JAN PUPPETS Childrens entertainment. Puppet shows. Experienced person wanted full or part time, references required, own transportation, call evenings for appointment. Reliable, mature, good salary, pleasant surroundings, benefits available. Apply in person Monday thru Friday 9 to 5, ask for manager. Must be neat and dependable. Livonia, Farmington, Redford, Birmingham, Southfield area. Call after 6pm.
MEL-TONES Featuring 3 bands, for weddings and all occasions. Experienced person wanted full or part time, references required, own transportation, call evenings for appointment. Reliable, mature, good salary, pleasant surroundings, benefits available. Apply in person Monday thru Friday 9 to 5, ask for manager. Must be neat and dependable. Livonia, Farmington, Redford, Birmingham, Southfield area. Call after 6pm.
PRESENTING the musical sounds of
BILL MANNING & FRIENDS
DANCES/DINNERS PARTIES/WEDDINGS
422-3910
700 Auction Sales
COLLECTIBLES AUCTION English and American period pieces, antique sculptures. Experienced person wanted full or part time, references required, own transportation, call evenings for appointment. Reliable, mature, good salary, pleasant surroundings, benefits available. Apply in person Monday thru Friday 9 to 5, ask for manager. Must be neat and dependable. Livonia, Farmington, Redford, Birmingham, Southfield area. Call after 6pm.
ESTATE & STORAGE AUCTION
Approximately 100 lots, antiques & collectibles from the early 1900's.
J. WOFFORD AUCTIONEER
721-1939
STOP & LOCK STORAGE AUCTION
We will sell the following property at public auction at 12:00 noon.
700 Auction Sales
ANTIQUE AUCTION Sunday, Oct 26, 1PM. Household, Collector Pieces. Experienced person wanted full or part time, references required, own transportation, call evenings for appointment. Reliable, mature, good salary, pleasant surroundings, benefits available. Apply in person Monday thru Friday 9 to 5, ask for manager. Must be neat and dependable. Livonia, Farmington, Redford, Birmingham, Southfield area. Call after 6pm.
AUCTION every Saturday, Westland Auction House. Experienced person wanted full or part time, references required, own transportation, call evenings for appointment. Reliable, mature, good salary, pleasant surroundings, benefits available. Apply in person Monday thru Friday 9 to 5, ask for manager. Must be neat and dependable. Livonia, Farmington, Redford, Birmingham, Southfield area. Call after 6pm.
702 Antiques
ANTIQUE ceiling fan, good condition. Experienced person wanted full or part time, references required, own transportation, call evenings for appointment. Reliable, mature, good salary, pleasant surroundings, benefits available. Apply in person Monday thru Friday 9 to 5, ask for manager. Must be neat and dependable. Livonia, Farmington, Redford, Birmingham, Southfield area. Call after 6pm.
ANTIQUES & QUALITY Accessories. Open Sundays, Farmington Hills. Experienced person wanted full or part time, references required, own transportation, call evenings for appointment. Reliable, mature, good salary, pleasant surroundings, benefits available. Apply in person Monday thru Friday 9 to 5, ask for manager. Must be neat and dependable. Livonia, Farmington, Redford, Birmingham, Southfield area. Call after 6pm.
ANTIQUE DINING Room set, Victorian, excellent condition. Experienced person wanted full or part time, references required, own transportation, call evenings for appointment. Reliable, mature, good salary, pleasant surroundings, benefits available. Apply in person Monday thru Friday 9 to 5, ask for manager. Must be neat and dependable. Livonia, Farmington, Redford, Birmingham, Southfield area. Call after 6pm.
ANTIQUE oak table, 5 folding leafs. Experienced person wanted full or part time, references required, own transportation, call evenings for appointment. Reliable, mature, good salary, pleasant surroundings, benefits available. Apply in person Monday thru Friday 9 to 5, ask for manager. Must be neat and dependable. Livonia, Farmington, Redford, Birmingham, Southfield area. Call after 6pm.
ANTIQUE pine stepback cupboard. Experienced person wanted full or part time, references required, own transportation, call evenings for appointment. Reliable, mature, good salary, pleasant surroundings, benefits available. Apply in person Monday thru Friday 9 to 5, ask for manager. Must be neat and dependable. Livonia, Farmington, Redford, Birmingham, Southfield area. Call after 6pm.
ANTIQUE pump organ, excellent. Experienced person wanted full or part time, references required, own transportation, call evenings for appointment. Reliable, mature, good salary, pleasant surroundings, benefits available. Apply in person Monday thru Friday 9 to 5, ask for manager. Must be neat and dependable. Livonia, Farmington, Redford, Birmingham, Southfield area. Call after 6pm.
Antique & Resale Shop RETIREMENT CLEARANCE
Antique Dealers Invited. Many as is items.
Oct. 24th & 25th, 10 til 8. Oct. 26th, 12 'til 6.
397 W. Marshall, Ferndale
ANTIQUE SHOP Now open in Dearborn Mich.
FARMHOUSE COLLECTION INC.
450 N. Telegraph. Tues. thru Sat.
ANTIQUE SHOW
Glenn Oaks Country Club
FREE ADMISSION
Saturday Noon-9PM, Sunday Noon-6PM. 30 Quality Exhibitors.
ANTIQUE SHOW Christmas in the Country. Sat. Oct 25. Experienced person wanted full or part time, references required, own transportation, call evenings for appointment. Reliable, mature, good salary, pleasant surroundings, benefits available. Apply in person Monday thru Friday 9 to 5, ask for manager. Must be neat and dependable. Livonia, Farmington, Redford, Birmingham, Southfield area. Call after 6pm.
ANTIQUE SHOW & SALE Oct. 23, 24, 25, 26. Southland Mall. Experienced person wanted full or part time, references required, own transportation, call evenings for appointment. Reliable, mature, good salary, pleasant surroundings, benefits available. Apply in person Monday thru Friday 9 to 5, ask for manager. Must be neat and dependable. Livonia, Farmington, Redford, Birmingham, Southfield area. Call after 6pm.
ANTIQUE SHOW & SALE Eureka Rd. Experienced person wanted full or part time, references required, own transportation, call evenings for appointment. Reliable, mature, good salary, pleasant surroundings, benefits available. Apply in person Monday thru Friday 9 to 5, ask for manager. Must be neat and dependable. Livonia, Farmington, Redford, Birmingham, Southfield area. Call after 6pm.
ART GLASS Wholesaler, dealers welcome. Experienced person wanted full or part time, references required, own transportation, call evenings for appointment. Reliable, mature, good salary, pleasant surroundings, benefits available. Apply in person Monday thru Friday 9 to 5, ask for manager. Must be neat and dependable. Livonia, Farmington, Redford, Birmingham, Southfield area. Call after 6pm.
ART GLASS wanted. Tiffany, Steuben, Quezal, Durand. Experienced person wanted full or part time, references required, own transportation, call evenings for appointment. Reliable, mature, good salary, pleasant surroundings, benefits available. Apply in person Monday thru Friday 9 to 5, ask for manager. Must be neat and dependable. Livonia, Farmington, Redford, Birmingham, Southfield area. Call after 6pm.
BEL AIR OPEN AIR FLEA MARKET
Every Sat. & Sun. 9am-5pm. 8 Mile at Van Dyke.
CORNER CABINET 100 years old. Experienced person wanted full or part time, references required, own transportation, call evenings for appointment. Reliable, mature, good salary, pleasant surroundings, benefits available. Apply in person Monday thru Friday 9 to 5, ask for manager. Must be neat and dependable. Livonia, Farmington, Redford, Birmingham, Southfield area. Call after 6pm.
DAVISBURG ANTIQUES MARKET
OCTOBER 26. 10 AM - 4 PM. Springfield Oaks County Park.
EARLY 19TH CENTURY Hoop peg Tree Stewart Oakley collection. Experienced person wanted full or part time, references required, own transportation, call evenings for appointment. Reliable, mature, good salary, pleasant surroundings, benefits available. Apply in person Monday thru Friday 9 to 5, ask for manager. Must be neat and dependable. Livonia, Farmington, Redford, Birmingham, Southfield area. Call after 6pm.
FRENCH DOORS Full bevel, leaded, and stained glass. Experienced person wanted full or part time, references required, own transportation, call evenings for appointment. Reliable, mature, good salary, pleasant surroundings, benefits available. Apply in person Monday thru Friday 9 to 5, ask for manager. Must be neat and dependable. Livonia, Farmington, Redford, Birmingham, Southfield area. Call after 6pm.
IF YOU LIKE the look of antiques but not the prices. Experienced person wanted full or part time, references required, own transportation, call evenings for appointment. Reliable, mature, good salary, pleasant surroundings, benefits available. Apply in person Monday thru Friday 9 to 5, ask for manager. Must be neat and dependable. Livonia, Farmington, Redford, Birmingham, Southfield area. Call after 6pm.
IVORY CARVINGS standing, sitting. Experienced person wanted full or part time, references required, own transportation, call evenings for appointment. Reliable, mature, good salary, pleasant surroundings, benefits available. Apply in person Monday thru Friday 9 to 5, ask for manager. Must be neat and dependable. Livonia, Farmington, Redford, Birmingham, Southfield area. Call after 6pm.
LARGE OLD toy boy, new wheels. Experienced person wanted full or part time, references required, own transportation, call evenings for appointment. Reliable, mature, good salary, pleasant surroundings, benefits available. Apply in person Monday thru Friday 9 to 5, ask for manager. Must be neat and dependable. Livonia, Farmington, Redford, Birmingham, Southfield area. Call after 6pm.
LEADED WINDOWS beveled & stained. Experienced person wanted full or part time, references required, own transportation, call evenings for appointment. Reliable, mature, good salary, pleasant surroundings, benefits available. Apply in person Monday thru Friday 9 to 5, ask for manager. Must be neat and dependable. Livonia, Farmington, Redford, Birmingham, Southfield area. Call after 6pm.
MUST SELL beautiful antique oak library table. Experienced person wanted full or part time, references required, own transportation, call evenings for appointment. Reliable, mature, good salary, pleasant surroundings, benefits available. Apply in person Monday thru Friday 9 to 5, ask for manager. Must be neat and dependable. Livonia, Farmington, Redford, Birmingham, Southfield area. Call after 6pm.
ORIENTAL furnishings, rugs, porcelains. Experienced person wanted full or part time, references required, own transportation, call evenings for appointment. Reliable, mature, good salary, pleasant surroundings, benefits available. Apply in person Monday thru Friday 9 to 5, ask for manager. Must be neat and dependable. Livonia, Farmington, Redford, Birmingham, Southfield area. Call after 6pm.
OTTOMAN Victorian, crewel. Needs work. Experienced person wanted full or part time, references required, own transportation, call evenings for appointment. Reliable, mature, good salary, pleasant surroundings, benefits available. Apply in person Monday thru Friday 9 to 5, ask for manager. Must be neat and dependable. Livonia, Farmington, Redford, Birmingham, Southfield area. Call after 6pm.
702 Antiques
MATERIALS UNLIMITED IS NOW OPEN
UNTIL 9PM ON FRIDAYS
AT OUR NEW LOCATION IN DOWNTOWN YPSILANTI
E. of Huron St. on the river. 2 West Michigan Avenue, Ypsilanti. Experienced person wanted full or part time, references required, own transportation, call evenings for appointment. Reliable, mature, good salary, pleasant surroundings, benefits available. Apply in person Monday thru Friday 9 to 5, ask for manager. Must be neat and dependable. Livonia, Farmington, Redford, Birmingham, Southfield area. Call after 6pm.
MERRI-TRAIL FLEA MARKET
OPEN FRIDAY 6-9PM. SATURDAY 9 AM - 6 PM.
Call Ed 421-1311
MIDWEST ANTIQUARIAN BOOK FAIR. Rare & out-of-print books. Experienced person wanted full or part time, references required, own transportation, call evenings for appointment. Reliable, mature, good salary, pleasant surroundings, benefits available. Apply in person Monday thru Friday 9 to 5, ask for manager. Must be neat and dependable. Livonia, Farmington, Redford, Birmingham, Southfield area. Call after 6pm.
MOVING-Walnut gateleg dropleaf table. Experienced person wanted full or part time, references required, own transportation, call evenings for appointment. Reliable, mature, good salary, pleasant surroundings, benefits available. Apply in person Monday thru Friday 9 to 5, ask for manager. Must be neat and dependable. Livonia, Farmington, Redford, Birmingham, Southfield area. Call after 6pm.
POTTERY WANTED Rookwood, Weller, Roseville. Experienced person wanted full or part time, references required, own transportation, call evenings for appointment. Reliable, mature, good salary, pleasant surroundings, benefits available. Apply in person Monday thru Friday 9 to 5, ask for manager. Must be neat and dependable. Livonia, Farmington, Redford, Birmingham, Southfield area. Call after 6pm.
ROLL TOP DESKS antique oak. Refinished. Experienced person wanted full or part time, references required, own transportation, call evenings for appointment. Reliable, mature, good salary, pleasant surroundings, benefits available. Apply in person Monday thru Friday 9 to 5, ask for manager. Must be neat and dependable. Livonia, Farmington, Redford, Birmingham, Southfield area. Call after 6pm.
SALE of doughnut, icebox. Experienced person wanted full or part time, references required, own transportation, call evenings for appointment. Reliable, mature, good salary, pleasant surroundings, benefits available. Apply in person Monday thru Friday 9 to 5, ask for manager. Must be neat and dependable. Livonia, Farmington, Redford, Birmingham, Southfield area. Call after 6pm.
SECOND HAND ROSE INC. will buy your antiques & collectibles. Experienced person wanted full or part time, references required, own transportation, call evenings for appointment. Reliable, mature, good salary, pleasant surroundings, benefits available. Apply in person Monday thru Friday 9 to 5, ask for manager. Must be neat and dependable. Livonia, Farmington, Redford, Birmingham, Southfield area. Call after 6pm.
SETH THOMAS metal clock. Experienced person wanted full or part time, references required, own transportation, call evenings for appointment. Reliable, mature, good salary, pleasant surroundings, benefits available. Apply in person Monday thru Friday 9 to 5, ask for manager. Must be neat and dependable. Livonia, Farmington, Redford, Birmingham, Southfield area. Call after 6pm.
SLOT MACHINES antique. Experienced person wanted full or part time, references required, own transportation, call evenings for appointment. Reliable, mature, good salary, pleasant surroundings, benefits available. Apply in person Monday thru Friday 9 to 5, ask for manager. Must be neat and dependable. Livonia, Farmington, Redford, Birmingham, Southfield area. Call after 6pm.
SOLID OAK ice box, refinished. Experienced person wanted full or part time, references required, own transportation, call evenings for appointment. Reliable, mature, good salary, pleasant surroundings, benefits available. Apply in person Monday thru Friday 9 to 5, ask for manager. Must be neat and dependable. Livonia, Farmington, Redford, Birmingham, Southfield area. Call after 6pm.
SOLID OAK refractory dining room table. Experienced person wanted full or part time, references required, own transportation, call evenings for appointment. Reliable, mature, good salary, pleasant surroundings, benefits available. Apply in person Monday thru Friday 9 to 5, ask for manager. Must be neat and dependable. Livonia, Farmington, Redford, Birmingham, Southfield area. Call after 6pm.
STEAMER TRUNK $80, good. Experienced person wanted full or part time, references required, own transportation, call evenings for appointment. Reliable, mature, good salary, pleasant surroundings, benefits available. Apply in person Monday thru Friday 9 to 5, ask for manager. Must be neat and dependable. Livonia, Farmington, Redford, Birmingham, Southfield area. Call after 6pm.
ST. GENEVIEVE'S
ANTIQUE & CRAFT SHOW
Sat. Oct. 25, 9am-5pm. 10 & 11 Church.
THE OLD VILLAGE COUNTRY STORE Antiques & collectibles. Experienced person wanted full or part time, references required, own transportation, call evenings for appointment. Reliable, mature, good salary, pleasant surroundings, benefits available. Apply in person Monday thru Friday 9 to 5, ask for manager. Must be neat and dependable. Livonia, Farmington, Redford, Birmingham, Southfield area. Call after 6pm.
THE START OF A NEW SEASON. Antiques Michigan. Experienced person wanted full or part time, references required, own transportation, call evenings for appointment. Reliable, mature, good salary, pleasant surroundings, benefits available. Apply in person Monday thru Friday 9 to 5, ask for manager. Must be neat and dependable. Livonia, Farmington, Redford, Birmingham, Southfield area. Call after 6pm.
Underground Collector
Antiques, Collectibles, Furniture. Open 7 days.
WANTED - to buy antique clocks. Experienced person wanted full or part time, references required, own transportation, call evenings for appointment. Reliable, mature, good salary, pleasant surroundings, benefits available. Apply in person Monday thru Friday 9 to 5, ask for manager. Must be neat and dependable. Livonia, Farmington, Redford, Birmingham, Southfield area. Call after 6pm.
703 Crafts
ANNUAL FIBER F.T.O. Christmas Bazaar. Crafts & gifts. Experienced person wanted full or part time, references required, own transportation, call evenings for appointment. Reliable, mature, good salary, pleasant surroundings, benefits available. Apply in person Monday thru Friday 9 to 5, ask for manager. Must be neat and dependable. Livonia, Farmington, Redford, Birmingham, Southfield area. Call after 6pm.
ARTS & CRAFT SHOW Oct. 25, 10-5. Experienced person wanted full or part time, references required, own transportation, call evenings for appointment. Reliable, mature, good salary, pleasant surroundings, benefits available. Apply in person Monday thru Friday 9 to 5, ask for manager. Must be neat and dependable. Livonia, Farmington, Redford, Birmingham, Southfield area. Call after 6pm.
BENNINGTON GREEN 5th Annual Craft Show. Experienced person wanted full or part time, references required, own transportation, call evenings for appointment. Reliable, mature, good salary, pleasant surroundings, benefits available. Apply in person Monday thru Friday 9 to 5, ask for manager. Must be neat and dependable. Livonia, Farmington, Redford, Birmingham, Southfield area. Call after 6pm.
BOUTIQUE ON TUES & LAUNDRY. HOLY TOLD SHOP. Experienced person wanted full or part time, references required, own transportation, call evenings for appointment. Reliable, mature, good salary, pleasant surroundings, benefits available. Apply in person Monday thru Friday 9 to 5, ask for manager. Must be neat and dependable. Livonia, Farmington, Redford, Birmingham, Southfield area. Call after 6pm.
CHRISTMAS CRAFT CORNER open daily. Experienced person wanted full or part time, references required, own transportation, call evenings for appointment. Reliable, mature, good salary, pleasant surroundings, benefits available. Apply in person Monday thru Friday 9 to 5, ask for manager. Must be neat and dependable. Livonia, Farmington, Redford, Birmingham, Southfield area. Call after 6pm.
CRAFT SHOW Nov. 1st, 10 am - 4 pm. Experienced person wanted full or part time, references required, own transportation, call evenings for appointment. Reliable, mature, good salary, pleasant surroundings, benefits available. Apply in person Monday thru Friday 9 to 5, ask for manager. Must be neat and dependable. Livonia, Farmington, Redford, Birmingham, Southfield area. Call after 6pm.
DESIGNER Crafts Mart. Experienced person wanted full or part time, references required, own transportation, call evenings for appointment. Reliable, mature, good salary, pleasant surroundings, benefits available. Apply in person Monday thru Friday 9 to 5, ask for manager. Must be neat and dependable. Livonia, Farmington, Redford, Birmingham, Southfield area. Call after 6pm.
HOLIDAY GIFT Boutique. Experienced person wanted full or part time, references required, own transportation, call evenings for appointment. Reliable, mature, good salary, pleasant surroundings, benefits available. Apply in person Monday thru Friday 9 to 5, ask for manager. Must be neat and dependable. Livonia, Farmington, Redford, Birmingham, Southfield area. Call after 6pm.
704 Rummage Sales
RUMMAGE & Bake Sale, Thurs. Oct. 23. Experienced person wanted full or part time, references required, own transportation, call evenings for appointment. Reliable, mature, good salary, pleasant surroundings, benefits available. Apply in person Monday thru Friday 9 to 5, ask for manager. Must be neat and dependable. Livonia, Farmington, Redford, Birmingham, Southfield area. Call after 6pm.
RUMMAGE SALE Sat. Oct 25. Experienced person wanted full or part time, references required, own transportation, call evenings for appointment. Reliable, mature, good salary, pleasant surroundings, benefits available. Apply in person Monday thru Friday 9 to 5, ask for manager. Must be neat and dependable. Livonia, Farmington, Redford, Birmingham, Southfield area. Call after 6pm.
704 Rummage Sales
RUMMAGE SALE Bake Sale, Friday, Oct. 24, 9am to 3pm. Experienced person wanted full or part time, references required, own transportation, call evenings for appointment. Reliable, mature, good salary, pleasant surroundings, benefits available. Apply in person Monday thru Friday 9 to 5, ask for manager. Must be neat and dependable. Livonia, Farmington, Redford, Birmingham, Southfield area. Call after 6pm.
ST. JOHNS Fall Rummage Sale. Experienced person wanted full or part time, references required, own transportation, call evenings for appointment. Reliable, mature, good salary, pleasant surroundings, benefits available. Apply in person Monday thru Friday 9 to 5, ask for manager. Must be neat and dependable. Livonia, Farmington, Redford, Birmingham, Southfield area. Call after 6pm.
705 Wanted to Buy
NEWSPAPERS ONLY
Tied and stacked.
L & L WASTE
34939 Brush St., Wayne
721-7436
AARO
Wastepaper
WANTED TO BUY: Old Newspapers. We pay top dollar.
BUYING Class Rings, any condition, wedding bands. Experienced person wanted full or part time, references required, own transportation, call evenings for appointment. Reliable, mature, good salary, pleasant surroundings, benefits available. Apply in person Monday thru Friday 9 to 5, ask for manager. Must be neat and dependable. Livonia, Farmington, Redford, Birmingham, Southfield area. Call after 6pm.
WANTED DEAD OR ALIVE. Color Portable TV's. Experienced person wanted full or part time, references required, own transportation, call evenings for appointment. Reliable, mature, good salary, pleasant surroundings, benefits available. Apply in person Monday thru Friday 9 to 5, ask for manager. Must be neat and dependable. Livonia, Farmington, Redford, Birmingham, Southfield area. Call after 6pm.
ALL NON-FERROUS METALS
COPPER, BRASS, ALUMINUM, LEAD
Plymouth Iron & Metal Schoolcraft
Weekdays 8-4:30, Sat. 8-2
425-1110 453-1080
METAL WANTED
We pay TOP DOLLAR for SCRAP METAL
MANN METAL CO
478-6500
RECYCLE FOR CASH Carbide $6.00 Up Lb. Batteries $4.00 Each. Aluminum 20c Per Lb. Experienced person wanted full or part time, references required, own transportation, call evenings for appointment. Reliable, mature, good salary, pleasant surroundings, benefits available. Apply in person Monday thru Friday 9 to 5, ask for manager. Must be neat and dependable. Livonia, Farmington, Redford, Birmingham, Southfield area. Call after 6pm.
H & H METAL CO 25321 Michigan Ave. Experienced person wanted full or part time, references required, own transportation, call evenings for appointment. Reliable, mature, good salary, pleasant surroundings, benefits available. Apply in person Monday thru Friday 9 to 5, ask for manager. Must be neat and dependable. Livonia, Farmington, Redford, Birmingham, Southfield area. Call after 6pm.
WANTED old clocks and watches. Experienced person wanted full or part time, references required, own transportation, call evenings for appointment. Reliable, mature, good salary, pleasant surroundings, benefits available. Apply in person Monday thru Friday 9 to 5, ask for manager. Must be neat and dependable. Livonia, Farmington, Redford, Birmingham, Southfield area. Call after 6pm.
706 Appliances
ADMIRAL refrigerator side by side. Experienced person wanted full or part time, references required, own transportation, call evenings for appointment. Reliable, mature, good salary, pleasant surroundings, benefits available. Apply in person Monday thru Friday 9 to 5, ask for manager. Must be neat and dependable. Livonia, Farmington, Redford, Birmingham, Southfield area. Call after 6pm.
ADMIRAL 21" color portable. Experienced person wanted full or part time, references required, own transportation, call evenings for appointment. Reliable, mature, good salary, pleasant surroundings, benefits available. Apply in person Monday thru Friday 9 to 5, ask for manager. Must be neat and dependable. Livonia, Farmington, Redford, Birmingham, Southfield area. Call after 6pm.
A PUBLIC NOTICE OUT FOR BUSINESS SALE
Refrigerators, stoves, washers, dryers, color TVs, stereos.
AVOCADO 34" Whirlpool built-in range. Experienced person wanted full or part time, references required, own transportation, call evenings for appointment. Reliable, mature, good salary, pleasant surroundings, benefits available. Apply in person Monday thru Friday 9 to 5, ask for manager. Must be neat and dependable. Livonia, Farmington, Redford, Birmingham, Southfield area. Call after 6pm.
CHEST FREEZER Gibson, 15 cu. ft. Experienced person wanted full or part time, references required, own transportation, call evenings for appointment. Reliable, mature, good salary, pleasant surroundings, benefits available. Apply in person Monday thru Friday 9 to 5, ask for manager. Must be neat and dependable. Livonia, Farmington, Redford, Birmingham, Southfield area. Call after 6pm.
DRYER Whirlpool electric, good condition. Experienced person wanted full or part time, references required, own transportation, call evenings for appointment. Reliable, mature, good salary, pleasant surroundings, benefits available. Apply in person Monday thru Friday 9 to 5, ask for manager. Must be neat and dependable. Livonia, Farmington, Redford, Birmingham, Southfield area. Call after 6pm.
ELECTRIC Range. Experienced person wanted full or part time, references required, own transportation, call evenings for appointment. Reliable, mature, good salary, pleasant surroundings, benefits available. Apply in person Monday thru Friday 9 to 5, ask for manager. Must be neat and dependable. Livonia, Farmington, Redford, Birmingham, Southfield area. Call after 6pm.
FREEZER Sears upright, like new. Experienced person wanted full or part time, references required, own transportation, call evenings for appointment. Reliable, mature, good salary, pleasant surroundings, benefits available. Apply in person Monday thru Friday 9 to 5, ask for manager. Must be neat and dependable. Livonia, Farmington, Redford, Birmingham, Southfield area. Call after 6pm.
GAS DRYER Kenmore, runs great. Experienced person wanted full or part time, references required, own transportation, call evenings for appointment. Reliable, mature, good salary, pleasant surroundings, benefits available. Apply in person Monday thru Friday 9 to 5, ask for manager. Must be neat and dependable. Livonia, Farmington, Redford, Birmingham, Southfield area. Call after 6pm.
GE 20" Color TV. Experienced person wanted full or part time, references required, own transportation, call evenings for appointment. Reliable, mature, good salary, pleasant surroundings, benefits available. Apply in person Monday thru Friday 9 to 5, ask for manager. Must be neat and dependable. Livonia, Farmington, Redford, Birmingham, Southfield area. Call after 6pm.
KENMORE washer & dryer. Experienced person wanted full or part time, references required, own transportation, call evenings for appointment. Reliable, mature, good salary, pleasant surroundings, benefits available. Apply in person Monday thru Friday 9 to 5, ask for manager. Must be neat and dependable. Livonia, Farmington, Redford, Birmingham, Southfield area. Call after 6pm.
REFRIGERATOR Frigidaire, frost free. Experienced person wanted full or part time, references required, own transportation, call evenings for appointment. Reliable, mature, good salary, pleasant surroundings, benefits available. Apply in person Monday thru Friday 9 to 5, ask for manager. Must be neat and dependable. Livonia, Farmington, Redford, Birmingham, Southfield area. Call after 6pm.
706 Appliances
NEW MAYTAG WASHERS & DRYERS
Two years parts & labor warranty. Also New & Used Refrigerators.
ALLEN APPLIANCE CO.
28601 Southfield Rd.
559-2902
REFRIGERATOR stove, washer & dryer. All avocado except dryer. Experienced person wanted full or part time, references required, own transportation, call evenings for appointment. Reliable, mature, good salary, pleasant surroundings, benefits available. Apply in person Monday thru Friday 9 to 5, ask for manager. Must be neat and dependable. Livonia, Farmington, Redford, Birmingham, Southfield area. Call after 6pm.
RIVERSIDE upright freezer, 21 cu. ft. Experienced person wanted full or part time, references required, own transportation, call evenings for appointment. Reliable, mature, good salary, pleasant surroundings, benefits available. Apply in person Monday thru Friday 9 to 5, ask for manager. Must be neat and dependable. Livonia, Farmington, Redford, Birmingham, Southfield area. Call after 6pm.
SIGNATURE upright freezer. Experienced person wanted full or part time, references required, own transportation, call evenings for appointment. Reliable, mature, good salary, pleasant surroundings, benefits available. Apply in person Monday thru Friday 9 to 5, ask for manager. Must be neat and dependable. Livonia, Farmington, Redford, Birmingham, Southfield area. Call after 6pm.
STOVE & REFRIGERATOR apartment size. Experienced person wanted full or part time, references required, own transportation, call evenings for appointment. Reliable, mature, good salary, pleasant surroundings, benefits available. Apply in person Monday thru Friday 9 to 5, ask for manager. Must be neat and dependable. Livonia, Farmington, Redford, Birmingham, Southfield area. Call after 6pm.
TAPPAN ELECTRIC range, double oven. Experienced person wanted full or part time, references required, own transportation, call evenings for appointment. Reliable, mature, good salary, pleasant surroundings, benefits available. Apply in person Monday thru Friday 9 to 5, ask for manager. Must be neat and dependable. Livonia, Farmington, Redford, Birmingham, Southfield area. Call after 6pm.
WASHER & DRYER Kenmore. Experienced person wanted full or part time, references required, own transportation, call evenings for appointment. Reliable, mature, good salary, pleasant surroundings, benefits available. Apply in person Monday thru Friday 9 to 5, ask for manager. Must be neat and dependable. Livonia, Farmington, Redford, Birmingham, Southfield area. Call after 6pm.
WATER SOFTENER Sears, large, automatic. Experienced person wanted full or part time, references required, own transportation, call evenings for appointment. Reliable, mature, good salary, pleasant surroundings, benefits available. Apply in person Monday thru Friday 9 to 5, ask for manager. Must be neat and dependable. Livonia, Farmington, Redford, Birmingham, Southfield area. Call after 6pm.
WESTINGHOUSE portable dishwasher. Experienced person wanted full or part time, references required, own transportation, call evenings for appointment. Reliable, mature, good salary, pleasant surroundings, benefits available. Apply in person Monday thru Friday 9 to 5, ask for manager. Must be neat and dependable. Livonia, Farmington, Redford, Birmingham, Southfield area. Call after 6pm.
WHIRLPOOL stainless steel dryer. Experienced person wanted full or part time, references required, own transportation, call evenings for appointment. Reliable, mature, good salary, pleasant surroundings, benefits available. Apply in person Monday thru Friday 9 to 5, ask for manager. Must be neat and dependable. Livonia, Farmington, Redford, Birmingham, Southfield area. Call after 6pm.
WHITE side-by-side, 25 cu. ft. refrigerator. Experienced person wanted full or part time, references required, own transportation, call evenings for appointment. Reliable, mature, good salary, pleasant surroundings, benefits available. Apply in person Monday thru Friday 9 to 5, ask for manager. Must be neat and dependable. Livonia, Farmington, Redford, Birmingham, Southfield area. Call after 6pm.
708 Household Goods Oakland County
ANOTHER HOUSEHOLD SALE
tastefully done. FRIDAY & SATURDAY. OCT. 24 & 25, 10-4.
The Professionals
ANTIQUE CHAIRS, mirrors, quilt tops. Experienced person wanted full or part time, references required, own transportation, call evenings for appointment. Reliable, mature, good salary, pleasant surroundings, benefits available. Apply in person Monday thru Friday 9 to 5, ask for manager. Must be neat and dependable. Livonia, Farmington, Redford, Birmingham, Southfield area. Call after 6pm.
ANTIQUES Reproductions, Collectibles, pressed glass. Experienced person wanted full or part time, references required, own transportation, call evenings for appointment. Reliable, mature, good salary, pleasant surroundings, benefits available. Apply in person Monday thru Friday 9 to 5, ask for manager. Must be neat and dependable. Livonia, Farmington, Redford, Birmingham, Southfield area. Call after 6pm.
ANTIQUE walnut bed. Experienced person wanted full or part time, references required, own transportation, call evenings for appointment. Reliable, mature, good salary, pleasant surroundings, benefits available. Apply in person Monday thru Friday 9 to 5, ask for manager. Must be neat and dependable. Livonia, Farmington, Redford, Birmingham, Southfield area. Call after 6pm.
ANTIQUES - Dining room set. Experienced person wanted full or part time, references required, own transportation, call evenings for appointment. Reliable, mature, good salary, pleasant surroundings, benefits available. Apply in person Monday thru Friday 9 to 5, ask for manager. Must be neat and dependable. Livonia, Farmington, Redford, Birmingham, Southfield area. Call after 6pm.
ARMOIRE color - Hanover Piece. Experienced person wanted full or part time, references required, own transportation, call evenings for appointment. Reliable, mature, good salary, pleasant surroundings, benefits available. Apply in person Monday thru Friday 9 to 5, ask for manager. Must be neat and dependable. Livonia, Farmington, Redford, Birmingham, Southfield area. Call after 6pm.
ATTENTION BARGAIN HUNTERS WAREHOUSE FURNITURE CLEARANCE. Experienced person wanted full or part time, references required, own transportation, call evenings for appointment. Reliable, mature, good salary, pleasant surroundings, benefits available. Apply in person Monday thru Friday 9 to 5, ask for manager. Must be neat and dependable. Livonia, Farmington, Redford, Birmingham, Southfield area. Call after 6pm.
BEDROOM sets, dinettes, sofas, chairs, lamps, tables. Experienced person wanted full or part time, references required, own transportation, call evenings for appointment. Reliable, mature, good salary, pleasant surroundings, benefits available. Apply in person Monday thru Friday 9 to 5, ask for manager. Must be neat and dependable. Livonia, Farmington, Redford, Birmingham, Southfield area. Call after 6pm.
ATTENTION: UNDERGROUND COLLECTOR CONDUCTS 2 DAY ESTATE SALE
Fri. Oct. 24, 10 AM-5 PM. Sat. Oct. 25, 10 AM-5 PM.
18165 Wiltshire
BABY Furniture, beautiful condition. Experienced person wanted full or part time, references required, own transportation, call evenings for appointment. Reliable, mature, good salary, pleasant surroundings, benefits available. Apply in person Monday thru Friday 9 to 5, ask for manager. Must be neat and dependable. Livonia, Farmington, Redford, Birmingham, Southfield area. Call after 6pm.
BEDROOM Furniture - girls. Experienced person wanted full or part time, references required, own transportation, call evenings for appointment. Reliable, mature, good salary, pleasant surroundings, benefits available. Apply in person Monday thru Friday 9 to 5, ask for manager. Must be neat and dependable. Livonia, Farmington, Redford, Birmingham, Southfield area. Call after 6pm.
BEDROOM SET single, dark pine. Experienced person wanted full or part time, references required, own transportation, call evenings for appointment. Reliable, mature, good salary, pleasant surroundings, benefits available. Apply in person Monday thru Friday 9 to 5, ask for manager. Must be neat and dependable. Livonia, Farmington, Redford, Birmingham, Southfield area. Call after 6pm.
BEDROOM Set, 4 piece, like new. Experienced person wanted full or part time, references required, own transportation, call evenings for appointment. Reliable, mature, good salary, pleasant surroundings, benefits available. Apply in person Monday thru Friday 9 to 5, ask for manager. Must be neat and dependable. Livonia, Farmington, Redford, Birmingham, Southfield area. Call after 6pm.
BIRCH WALL unit, excellent. Experienced person wanted full or part time, references required, own transportation, call evenings for appointment. Reliable, mature, good salary, pleasant surroundings, benefits available. Apply in person Monday thru Friday 9 to 5, ask for manager. Must be neat and dependable. Livonia, Farmington, Redford, Birmingham, Southfield area. Call after 6pm.
BLACK Leather recliner. Experienced person wanted full or part time, references required, own transportation, call evenings for appointment. Reliable, mature, good salary, pleasant surroundings, benefits available. Apply in person Monday thru Friday 9 to 5, ask for manager. Must be neat and dependable. Livonia, Farmington, Redford, Birmingham, Southfield area. Call after 6pm.
BLOND buffet. Experienced person wanted full or part time, references required, own transportation, call evenings for appointment. Reliable, mature, good salary, pleasant surroundings, benefits available. Apply in person Monday thru Friday 9 to 5, ask for manager. Must be neat and dependable. Livonia, Farmington, Redford, Birmingham, Southfield area. Call after 6pm.
CARPET rust shag, 12 x 15. Experienced person wanted full or part time, references required, own transportation, call evenings for appointment. Reliable, mature, good salary, pleasant surroundings, benefits available. Apply in person Monday thru Friday 9 to 5, ask for manager. Must be neat and dependable. Livonia, Farmington, Redford, Birmingham, Southfield area. Call after 6pm.
CHAIR velvet, gold. Experienced person wanted full or part time, references required, own transportation, call evenings for appointment. Reliable, mature, good salary, pleasant surroundings, benefits available. Apply in person Monday thru Friday 9 to 5, ask for manager. Must be neat and dependable. Livonia, Farmington, Redford, Birmingham, Southfield area. Call after 6pm.
CHINA CABINET mahogany. Experienced person wanted full or part time, references required, own transportation, call evenings for appointment. Reliable, mature, good salary, pleasant surroundings, benefits available. Apply in person Monday thru Friday 9 to 5, ask for manager. Must be neat and dependable. Livonia, Farmington, Redford, Birmingham, Southfield area. Call after 6pm.
COFFEE TABLE pecan. Experienced person wanted full or part time, references required, own transportation, call evenings for appointment. Reliable, mature, good salary, pleasant surroundings, benefits available. Apply in person Monday thru Friday 9 to 5, ask for manager. Must be neat and dependable. Livonia, Farmington, Redford, Birmingham, Southfield area. Call after 6pm.
CONTEMPORARY Furniture, sofa. Experienced person wanted full or part time, references required, own transportation, call evenings for appointment. Reliable, mature, good salary, pleasant surroundings, benefits available. Apply in person Monday thru Friday 9 to 5, ask for manager. Must be neat and dependable. Livonia, Farmington, Redford, Birmingham, Southfield area. Call after 6pm.
COUCH and loveseat. Experienced person wanted full or part time, references required, own transportation, call evenings for appointment. Reliable, mature, good salary, pleasant surroundings, benefits available. Apply in person Monday thru Friday 9 to 5, ask for manager. Must be neat and dependable. Livonia, Farmington, Redford, Birmingham, Southfield area. Call after 6pm.
DECORATOR items. Experienced person wanted full or part time, references required, own transportation, call evenings for appointment. Reliable, mature, good salary, pleasant surroundings, benefits available. Apply in person Monday thru Friday 9 to 5, ask for manager. Must be neat and dependable. Livonia, Farmington, Redford, Birmingham, Southfield area. Call after 6pm.
DESIGNER DINING room. Experienced person wanted full or part time, references required, own transportation, call evenings for appointment. Reliable, mature, good salary, pleasant surroundings, benefits available. Apply in person Monday thru Friday 9 to 5, ask for manager. Must be neat and dependable. Livonia, Farmington, Redford, Birmingham, Southfield area. Call after 6pm.
O&E
